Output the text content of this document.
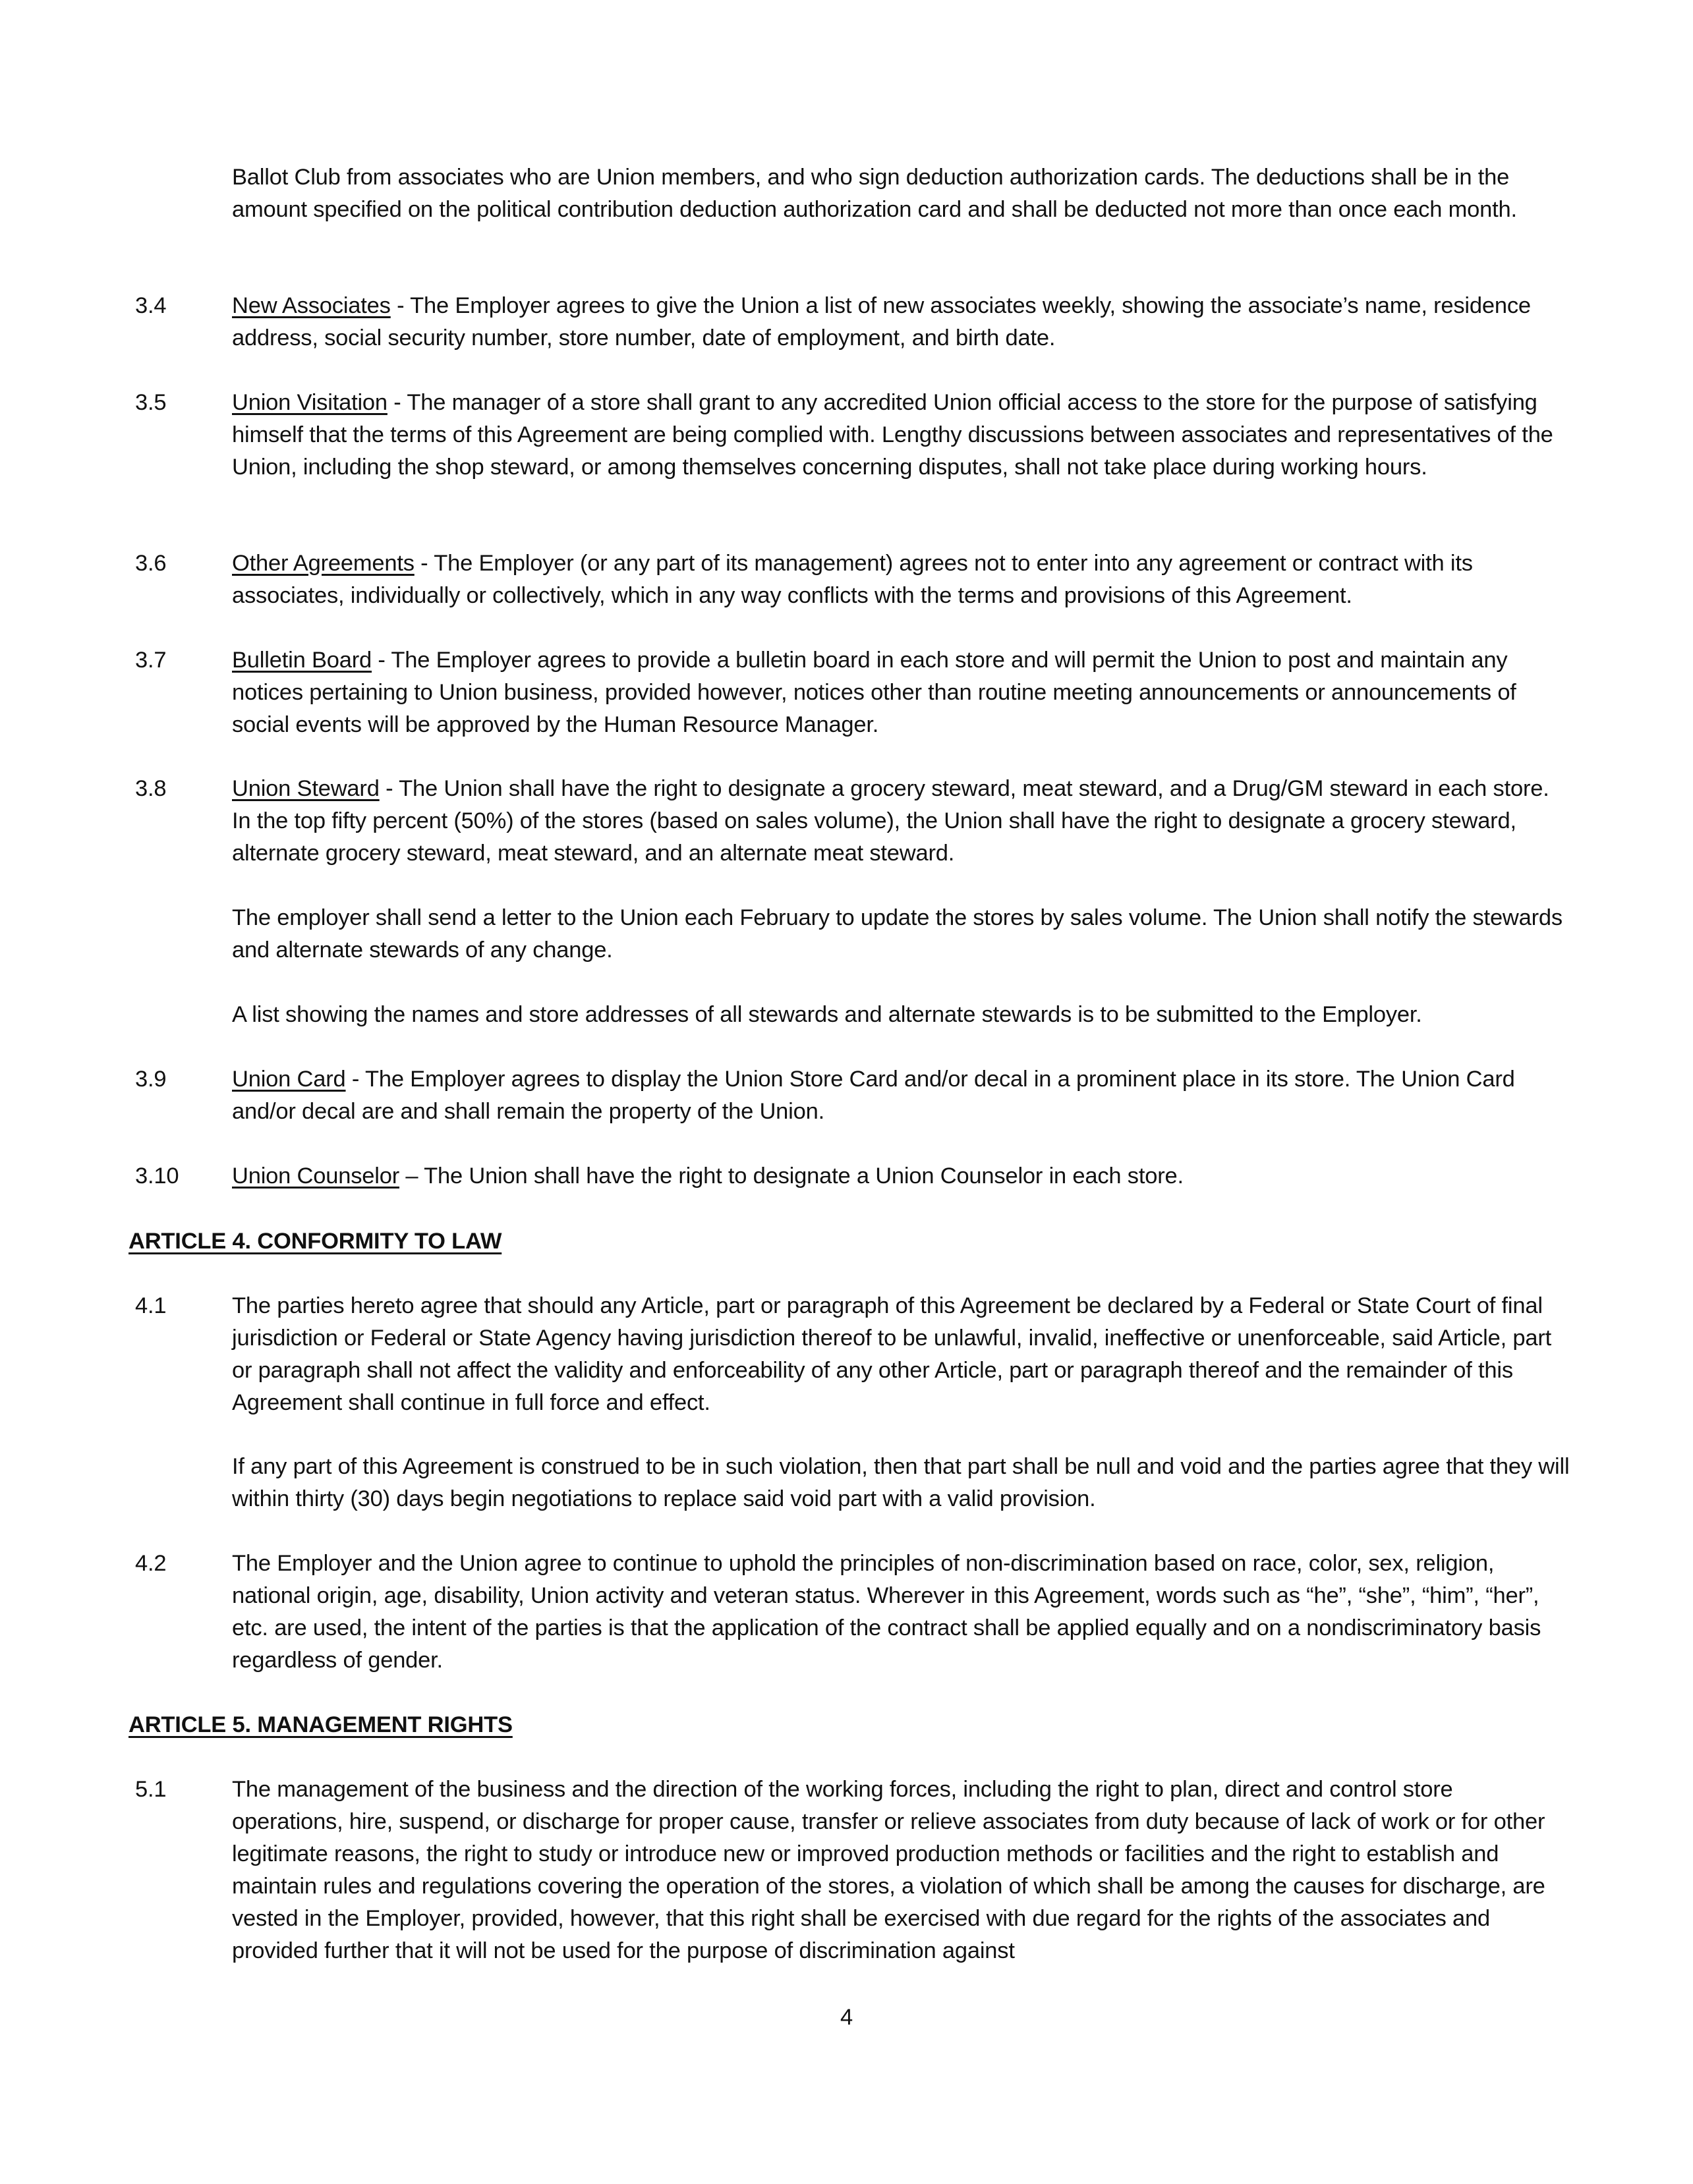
Ballot Club from associates who are Union members, and who sign deduction authorization cards. The deductions shall be in the amount specified on the political contribution deduction authorization card and shall be deducted not more than once each month.
3.4	New Associates - The Employer agrees to give the Union a list of new associates weekly, showing the associate’s name, residence address, social security number, store number, date of employment, and birth date.
3.5	Union Visitation - The manager of a store shall grant to any accredited Union official access to the store for the purpose of satisfying himself that the terms of this Agreement are being complied with. Lengthy discussions between associates and representatives of the Union, including the shop steward, or among themselves concerning disputes, shall not take place during working hours.
3.6	Other Agreements - The Employer (or any part of its management) agrees not to enter into any agreement or contract with its associates, individually or collectively, which in any way conflicts with the terms and provisions of this Agreement.
3.7	Bulletin Board - The Employer agrees to provide a bulletin board in each store and will permit the Union to post and maintain any notices pertaining to Union business, provided however, notices other than routine meeting announcements or announcements of social events will be approved by the Human Resource Manager.
3.8	Union Steward - The Union shall have the right to designate a grocery steward, meat steward, and a Drug/GM steward in each store. In the top fifty percent (50%) of the stores (based on sales volume), the Union shall have the right to designate a grocery steward, alternate grocery steward, meat steward, and an alternate meat steward.
The employer shall send a letter to the Union each February to update the stores by sales volume. The Union shall notify the stewards and alternate stewards of any change.
A list showing the names and store addresses of all stewards and alternate stewards is to be submitted to the Employer.
3.9	Union Card - The Employer agrees to display the Union Store Card and/or decal in a prominent place in its store. The Union Card and/or decal are and shall remain the property of the Union.
3.10 Union Counselor – The Union shall have the right to designate a Union Counselor in each store.
ARTICLE 4. CONFORMITY TO LAW
4.1	The parties hereto agree that should any Article, part or paragraph of this Agreement be declared by a Federal or State Court of final jurisdiction or Federal or State Agency having jurisdiction thereof to be unlawful, invalid, ineffective or unenforceable, said Article, part or paragraph shall not affect the validity and enforceability of any other Article, part or paragraph thereof and the remainder of this Agreement shall continue in full force and effect.
If any part of this Agreement is construed to be in such violation, then that part shall be null and void and the parties agree that they will within thirty (30) days begin negotiations to replace said void part with a valid provision.
4.2	The Employer and the Union agree to continue to uphold the principles of non-discrimination based on race, color, sex, religion, national origin, age, disability, Union activity and veteran status. Wherever in this Agreement, words such as “he”, “she”, “him”, “her”, etc. are used, the intent of the parties is that the application of the contract shall be applied equally and on a nondiscriminatory basis regardless of gender.
ARTICLE 5. MANAGEMENT RIGHTS
5.1	The management of the business and the direction of the working forces, including the right to plan, direct and control store operations, hire, suspend, or discharge for proper cause, transfer or relieve associates from duty because of lack of work or for other legitimate reasons, the right to study or introduce new or improved production methods or facilities and the right to establish and maintain rules and regulations covering the operation of the stores, a violation of which shall be among the causes for discharge, are vested in the Employer, provided, however, that this right shall be exercised with due regard for the rights of the associates and provided further that it will not be used for the purpose of discrimination against
4
